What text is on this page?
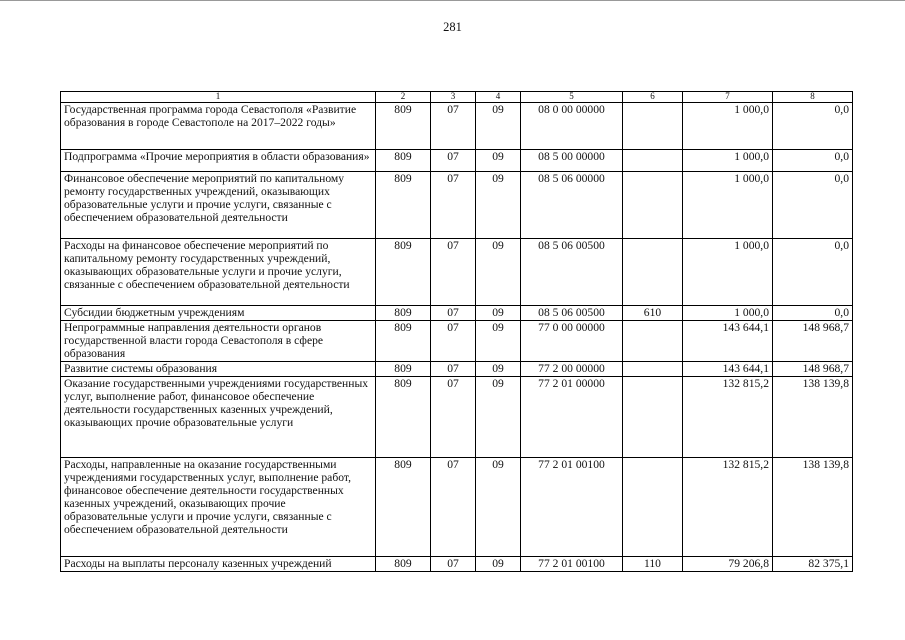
281
1	2	3	4	5	6	7	8
Государственная программа города Севастополя «Развитие образования в городе Севастополе на 2017–2022 годы»	809	07	09	08 0 00 00000		1 000,0	0,0
Подпрограмма «Прочие мероприятия в области образования»	809	07	09	08 5 00 00000		1 000,0	0,0
Финансовое обеспечение мероприятий по капитальному ремонту государственных учреждений, оказывающих образовательные услуги и прочие услуги, связанные с обеспечением образовательной деятельности	809	07	09	08 5 06 00000		1 000,0	0,0
Расходы на финансовое обеспечение мероприятий по капитальному ремонту государственных учреждений, оказывающих образовательные услуги и прочие услуги, связанные с обеспечением образовательной деятельности	809	07	09	08 5 06 00500		1 000,0	0,0
Субсидии бюджетным учреждениям	809	07	09	08 5 06 00500	610	1 000,0	0,0
Непрограммные направления деятельности органов государственной власти города Севастополя в сфере образования	809	07	09	77 0 00 00000		143 644,1	148 968,7
Развитие системы образования	809	07	09	77 2 00 00000		143 644,1	148 968,7
Оказание государственными учреждениями государственных услуг, выполнение работ, финансовое обеспечение деятельности государственных казенных учреждений, оказывающих прочие образовательные услуги	809	07	09	77 2 01 00000		132 815,2	138 139,8
Расходы, направленные на оказание государственными учреждениями государственных услуг, выполнение работ, финансовое обеспечение деятельности государственных казенных учреждений, оказывающих прочие образовательные услуги и прочие услуги, связанные с обеспечением образовательной деятельности	809	07	09	77 2 01 00100		132 815,2	138 139,8
Расходы на выплаты персоналу казенных учреждений	809	07	09	77 2 01 00100	110	79 206,8	82 375,1
